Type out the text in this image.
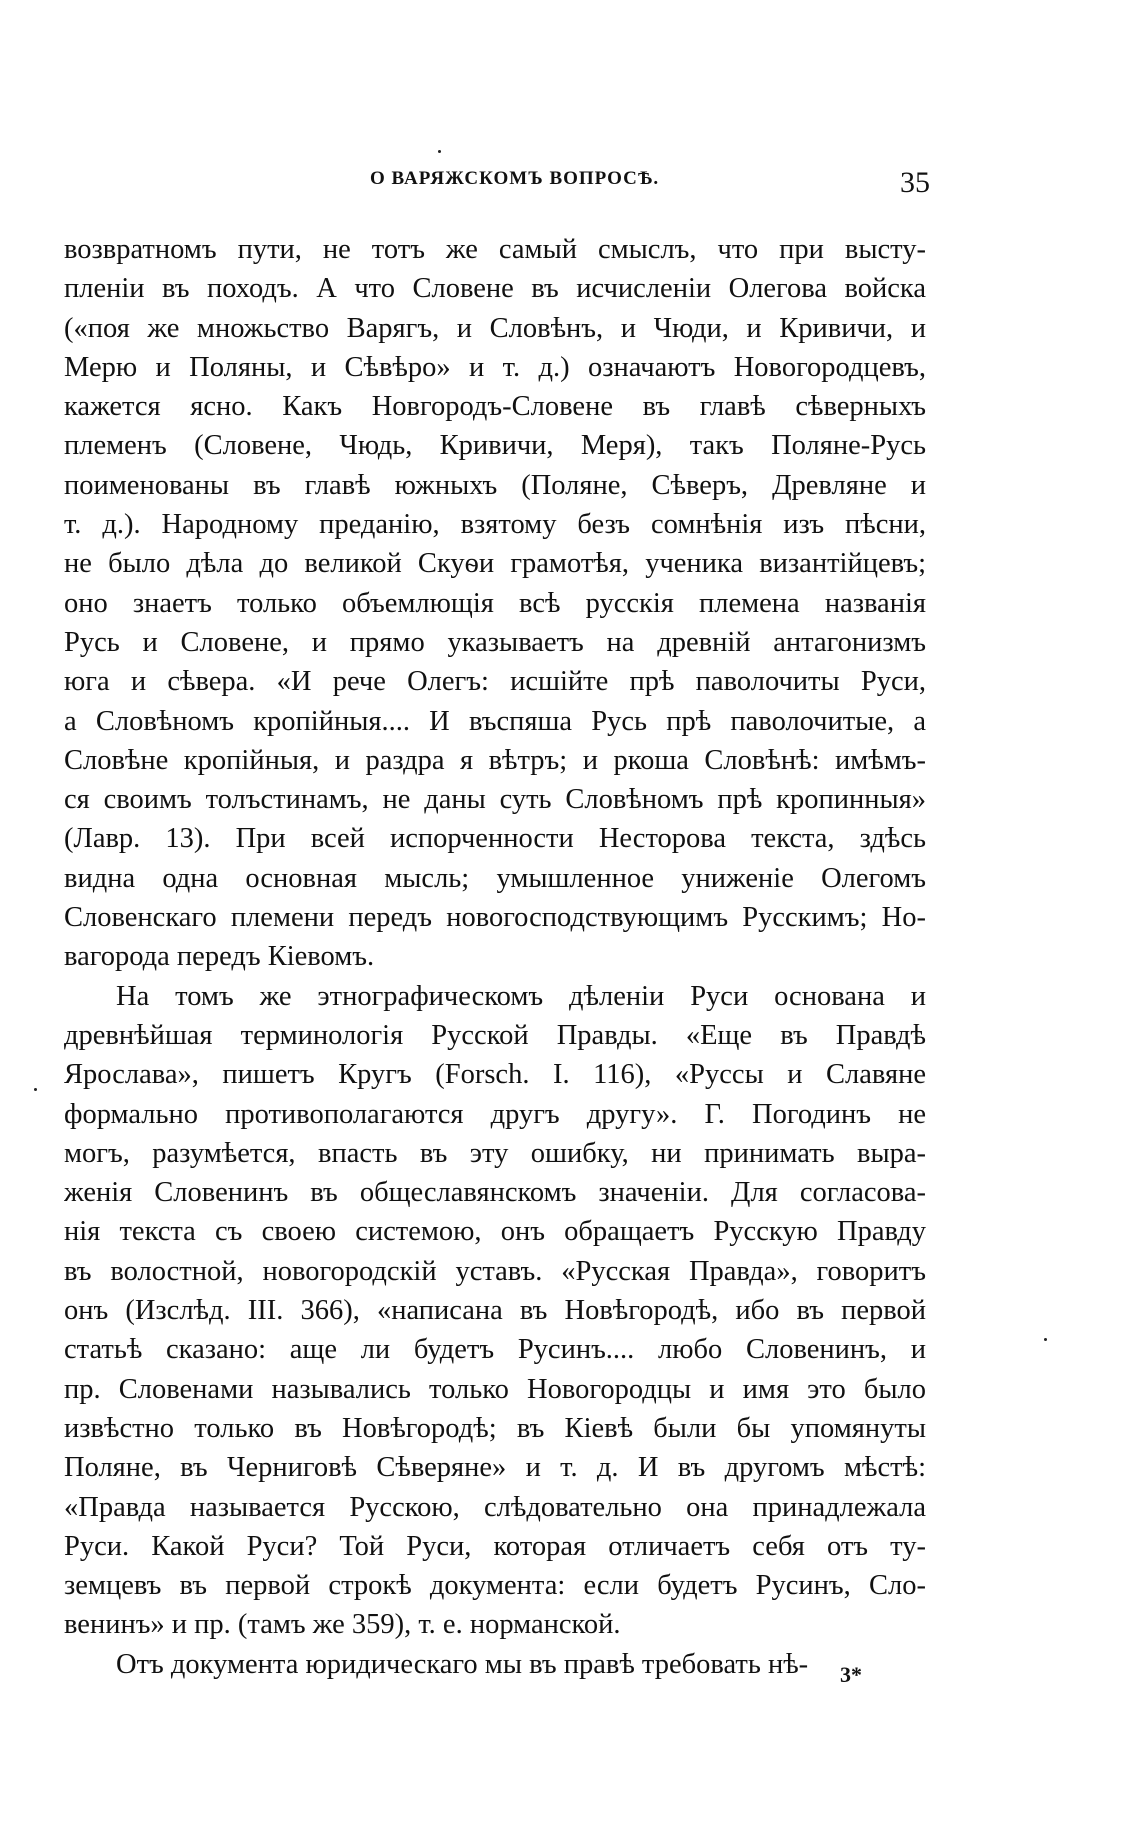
О ВАРЯЖСКОМЪ ВОПРОСѢ.	35
возвратномъ пути, не тотъ же самый смыслъ, что при высту-
пленіи въ походъ. А что Словене въ исчисленіи Олегова войска
(«поя же множьство Варягъ, и Словѣнъ, и Чюди, и Кривичи, и
Мерю и Поляны, и Сѣвѣро» и т. д.) означаютъ Новогородцевъ,
кажется ясно. Какъ Новгородъ-Словене въ главѣ сѣверныхъ
племенъ (Словене, Чюдь, Кривичи, Меря), такъ Поляне-Русь
поименованы въ главѣ южныхъ (Поляне, Сѣверъ, Древляне и
т. д.). Народному преданію, взятому безъ сомнѣнія изъ пѣсни,
не было дѣла до великой Скуѳи грамотѣя, ученика византійцевъ;
оно знаетъ только объемлющія всѣ русскія племена названія
Русь и Словене, и прямо указываетъ на древній антагонизмъ
юга и сѣвера. «И рече Олегъ: исшійте прѣ паволочиты Руси,
а Словѣномъ кропійныя.... И въспяша Русь прѣ паволочитые, а
Словѣне кропійныя, и раздра я вѣтръ; и ркоша Словѣнѣ: имѣмъ-
ся своимъ толъстинамъ, не даны суть Словѣномъ прѣ кропинныя»
(Лавр. 13). При всей испорченности Несторова текста, здѣсь
видна одна основная мысль; умышленное униженіе Олегомъ
Словенскаго племени передъ новогосподствующимъ Русскимъ; Но-
вагорода передъ Кіевомъ.
На томъ же этнографическомъ дѣленіи Руси основана и
древнѣйшая терминологія Русской Правды. «Еще въ Правдѣ
Ярослава», пишетъ Кругъ (Forsch. I. 116), «Руссы и Славяне
формально противополагаются другъ другу». Г. Погодинъ не
могъ, разумѣется, впасть въ эту ошибку, ни принимать выра-
женія Словенинъ въ общеславянскомъ значеніи. Для согласова-
нія текста съ своею системою, онъ обращаетъ Русскую Правду
въ волостной, новогородскій уставъ. «Русская Правда», говоритъ
онъ (Изслѣд. III. 366), «написана въ Новѣгородѣ, ибо въ первой
статьѣ сказано: аще ли будетъ Русинъ.... любо Словенинъ, и
пр. Словенами назывались только Новогородцы и имя это было
извѣстно только въ Новѣгородѣ; въ Кіевѣ были бы упомянуты
Поляне, въ Черниговѣ Сѣверяне» и т. д. И въ другомъ мѣстѣ:
«Правда называется Русскою, слѣдовательно она принадлежала
Руси. Какой Руси? Той Руси, которая отличаетъ себя отъ ту-
земцевъ въ первой строкѣ документа: если будетъ Русинъ, Сло-
венинъ» и пр. (тамъ же 359), т. е. норманской.
Отъ документа юридическаго мы въ правѣ требовать нѣ-	3*
